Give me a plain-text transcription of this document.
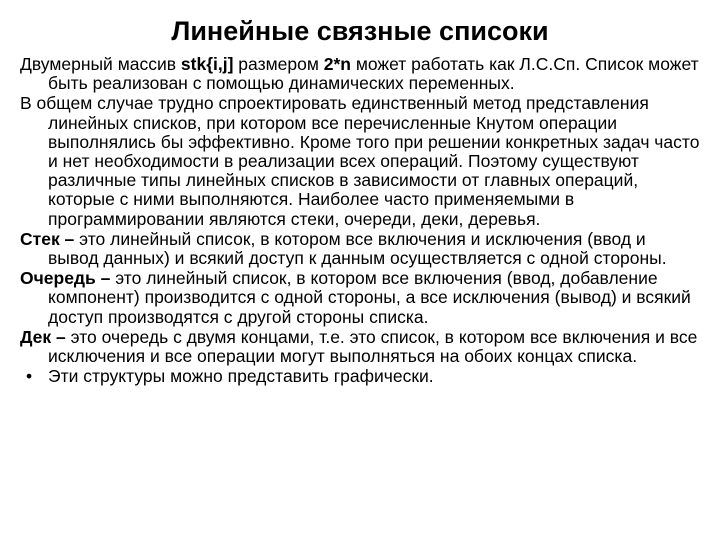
Линейные связные списоки

Двумерный массив stk{i,j] размером 2*n может работать как Л.С.Сп. Список может быть реализован с помощью динамических переменных.

В общем случае трудно спроектировать единственный метод представления линейных списков, при котором все перечисленные Кнутом операции выполнялись бы эффективно. Кроме того при решении конкретных задач часто и нет необходимости в реализации всех операций. Поэтому существуют различные типы линейных списков в зависимости от главных операций, которые с ними выполняются. Наиболее часто применяемыми в программировании являются стеки, очереди, деки, деревья.

Стек – это линейный список, в котором все включения и исключения (ввод и вывод данных) и всякий доступ к данным осуществляется с одной стороны.

Очередь – это линейный список, в котором все включения (ввод, добавление компонент) производится с одной стороны, а все исключения (вывод) и всякий доступ производятся с другой стороны списка.

Дек – это очередь с двумя концами, т.е. это список, в котором все включения и все исключения и все операции могут выполняться на обоих концах списка.

• Эти структуры можно представить графически.
